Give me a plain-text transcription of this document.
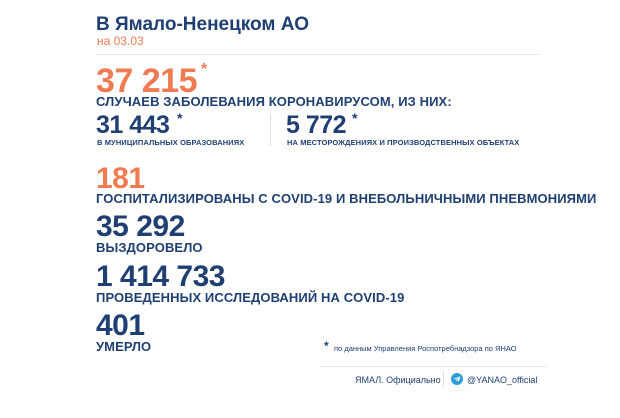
В Ямало-Ненецком АО
на 03.03
37 215 *
СЛУЧАЕВ ЗАБОЛЕВАНИЯ КОРОНАВИРУСОМ, ИЗ НИХ:
31 443 *
В МУНИЦИПАЛЬНЫХ ОБРАЗОВАНИЯХ
5 772 *
НА МЕСТОРОЖДЕНИЯХ И ПРОИЗВОДСТВЕННЫХ ОБЪЕКТАХ
181
ГОСПИТАЛИЗИРОВАНЫ С COVID-19 И ВНЕБОЛЬНИЧНЫМИ ПНЕВМОНИЯМИ
35 292
ВЫЗДОРОВЕЛО
1 414 733
ПРОВЕДЕННЫХ ИССЛЕДОВАНИЙ НА COVID-19
401
УМЕРЛО	* по данным Управления Роспотребнадзора по ЯНАО
ЯМАЛ. Официально	@YANAO_official
